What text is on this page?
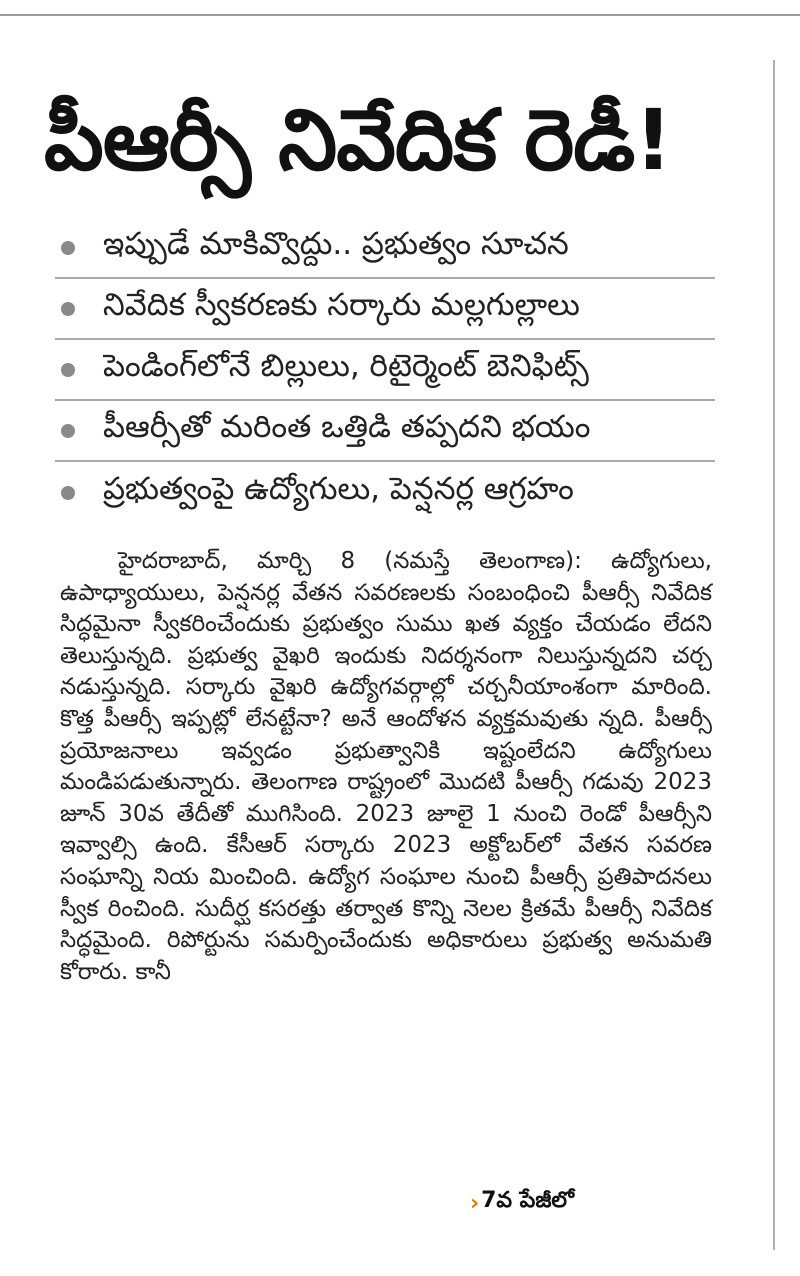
పీఆర్సీ నివేదిక రెడీ!
ఇప్పుడే మాకివ్వొద్దు.. ప్రభుత్వం సూచన
నివేదిక స్వీకరణకు సర్కారు మల్లగుల్లాలు
పెండింగ్‌లోనే బిల్లులు, రిటైర్మెంట్ బెనిఫిట్స్
పీఆర్సీతో మరింత ఒత్తిడి తప్పదని భయం
ప్రభుత్వంపై ఉద్యోగులు, పెన్షనర్ల ఆగ్రహం

హైదరాబాద్, మార్చి 8 (నమస్తే తెలంగాణ): ఉద్యోగులు, ఉపాధ్యాయులు, పెన్షనర్ల వేతన సవరణలకు సంబంధించి పీఆర్సీ నివేదిక సిద్ధమైనా స్వీకరించేందుకు ప్రభుత్వం సుము ఖత వ్యక్తం చేయడం లేదని తెలుస్తున్నది. ప్రభుత్వ వైఖరి ఇందుకు నిదర్శనంగా నిలుస్తున్నదని చర్చ నడుస్తున్నది. సర్కారు వైఖరి ఉద్యోగవర్గాల్లో చర్చనీయాంశంగా మారింది. కొత్త పీఆర్సీ ఇప్పట్లో లేనట్టేనా? అనే ఆందోళన వ్యక్తమవుతు న్నది. పీఆర్సీ ప్రయోజనాలు ఇవ్వడం ప్రభుత్వానికి ఇష్టంలేదని ఉద్యోగులు మండిపడుతున్నారు. తెలంగాణ రాష్ట్రంలో మొదటి పీఆర్సీ గడువు 2023 జూన్ 30వ తేదీతో ముగిసింది. 2023 జూలై 1 నుంచి రెండో పీఆర్సీని ఇవ్వాల్సి ఉంది. కేసీఆర్ సర్కారు 2023 అక్టోబర్‌లో వేతన సవరణ సంఘాన్ని నియ మించింది. ఉద్యోగ సంఘాల నుంచి పీఆర్సీ ప్రతిపాదనలు స్వీక రించింది. సుదీర్ఘ కసరత్తు తర్వాత కొన్ని నెలల క్రితమే పీఆర్సీ నివేదిక సిద్ధమైంది. రిపోర్టును సమర్పించేందుకు అధికారులు ప్రభుత్వ అనుమతి కోరారు. కానీ

› 7వ పేజీలో
